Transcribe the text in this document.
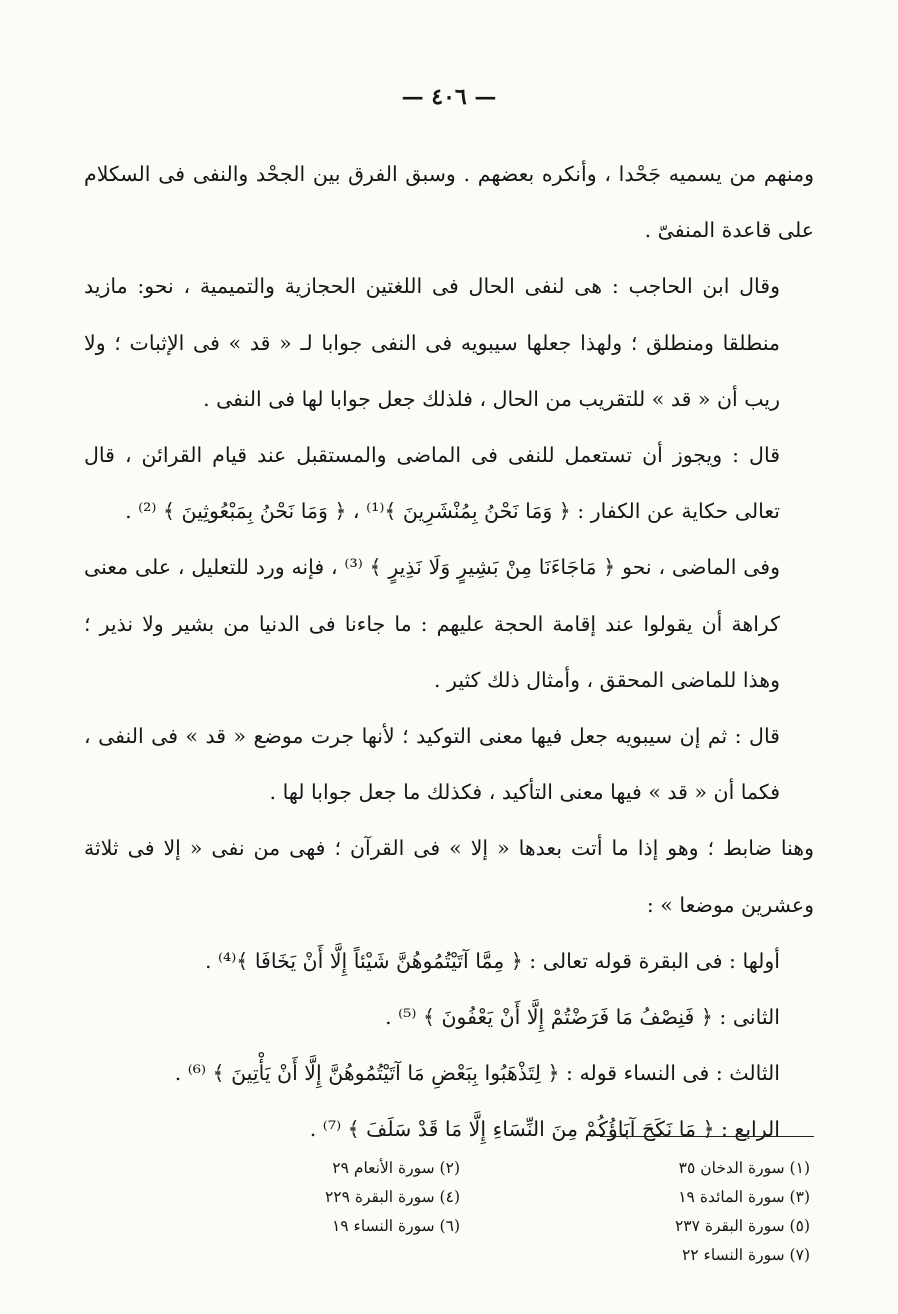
— ٤٠٦ —

ومنهم من يسميه جَحْدا ، وأنكره بعضهم . وسبق الفرق بين الجحْد والنفى فى السكلام على قاعدة المنفىّ .

وقال ابن الحاجب : هى لنفى الحال فى اللغتين الحجازية والتميمية ، نحو: مازيد منطلقا ومنطلق ؛ ولهذا جعلها سيبويه فى النفى جوابا لـ « قد » فى الإثبات ؛ ولا ريب أن « قد » للتقريب من الحال ، فلذلك جعل جوابا لها فى النفى .

قال : ويجوز أن تستعمل للنفى فى الماضى والمستقبل عند قيام القرائن ، قال تعالى حكاية عن الكفار : ﴿ وَمَا نَحْنُ بِمُنْشَرِينَ ﴾⁽¹⁾ ، ﴿ وَمَا نَحْنُ بِمَبْعُوثِينَ ﴾ ⁽²⁾ .

وفى الماضى ، نحو ﴿ مَاجَاءَنَا مِنْ بَشِيرٍ وَلَا نَذِيرٍ ﴾ ⁽³⁾ ، فإنه ورد للتعليل ، على معنى كراهة أن يقولوا عند إقامة الحجة عليهم : ما جاءنا فى الدنيا من بشير ولا نذير ؛ وهذا للماضى المحقق ، وأمثال ذلك كثير .

قال : ثم إن سيبويه جعل فيها معنى التوكيد ؛ لأنها جرت موضع « قد » فى النفى ، فكما أن « قد » فيها معنى التأكيد ، فكذلك ما جعل جوابا لها .

وهنا ضابط ؛ وهو إذا ما أتت بعدها « إلا » فى القرآن ؛ فهى من نفى « إلا فى ثلاثة وعشرين موضعا » :

أولها : فى البقرة قوله تعالى : ﴿ مِمَّا آتَيْتُمُوهُنَّ شَيْئاً إِلَّا أَنْ يَخَافَا ﴾⁽⁴⁾ .

الثانى : ﴿ فَنِصْفُ مَا فَرَضْتُمْ إِلَّا أَنْ يَعْفُونَ ﴾ ⁽⁵⁾ .

الثالث : فى النساء قوله : ﴿ لِتَذْهَبُوا بِبَعْضِ مَا آتَيْتُمُوهُنَّ إِلَّا أَنْ يَأْتِينَ ﴾ ⁽⁶⁾ .

الرابع : ﴿ مَا نَكَحَ آبَاؤُكُمْ مِنَ النِّسَاءِ إِلَّا مَا قَدْ سَلَفَ ﴾ ⁽⁷⁾ .

(١) سورة الدخان ٣٥
(٢) سورة الأنعام ٢٩
(٣) سورة المائدة ١٩
(٤) سورة البقرة ٢٢٩
(٥) سورة البقرة ٢٣٧
(٦) سورة النساء ١٩
(٧) سورة النساء ٢٢
